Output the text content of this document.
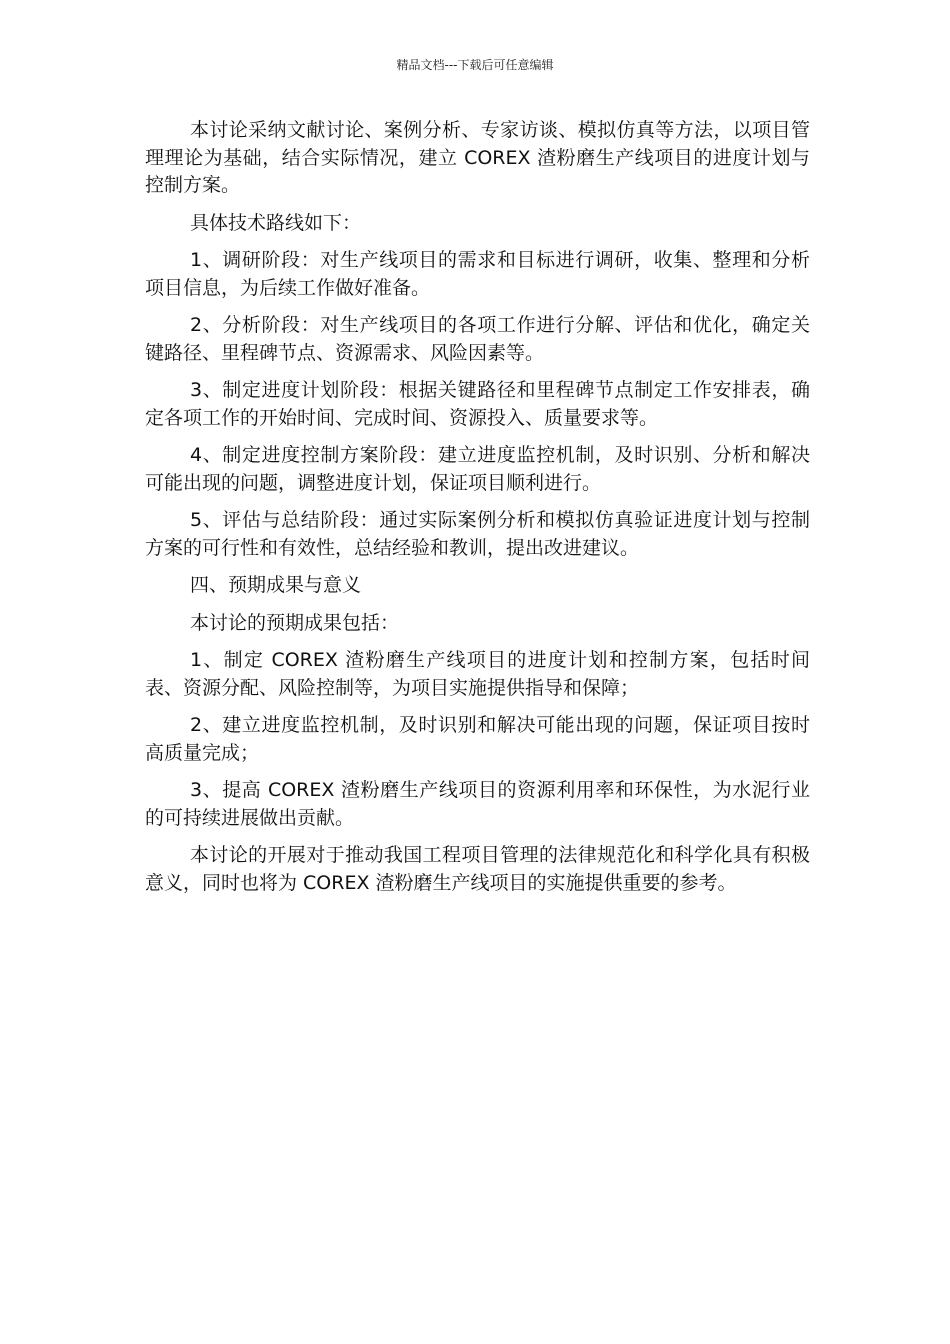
精品文档---下载后可任意编辑

本讨论采纳文献讨论、案例分析、专家访谈、模拟仿真等方法，以项目管理理论为基础，结合实际情况，建立 COREX 渣粉磨生产线项目的进度计划与控制方案。

具体技术路线如下：

1、调研阶段：对生产线项目的需求和目标进行调研，收集、整理和分析项目信息，为后续工作做好准备。

2、分析阶段：对生产线项目的各项工作进行分解、评估和优化，确定关键路径、里程碑节点、资源需求、风险因素等。

3、制定进度计划阶段：根据关键路径和里程碑节点制定工作安排表，确定各项工作的开始时间、完成时间、资源投入、质量要求等。

4、制定进度控制方案阶段：建立进度监控机制，及时识别、分析和解决可能出现的问题，调整进度计划，保证项目顺利进行。

5、评估与总结阶段：通过实际案例分析和模拟仿真验证进度计划与控制方案的可行性和有效性，总结经验和教训，提出改进建议。

四、预期成果与意义

本讨论的预期成果包括：

1、制定 COREX 渣粉磨生产线项目的进度计划和控制方案，包括时间表、资源分配、风险控制等，为项目实施提供指导和保障；

2、建立进度监控机制，及时识别和解决可能出现的问题，保证项目按时高质量完成；

3、提高 COREX 渣粉磨生产线项目的资源利用率和环保性，为水泥行业的可持续进展做出贡献。

本讨论的开展对于推动我国工程项目管理的法律规范化和科学化具有积极意义，同时也将为 COREX 渣粉磨生产线项目的实施提供重要的参考。
